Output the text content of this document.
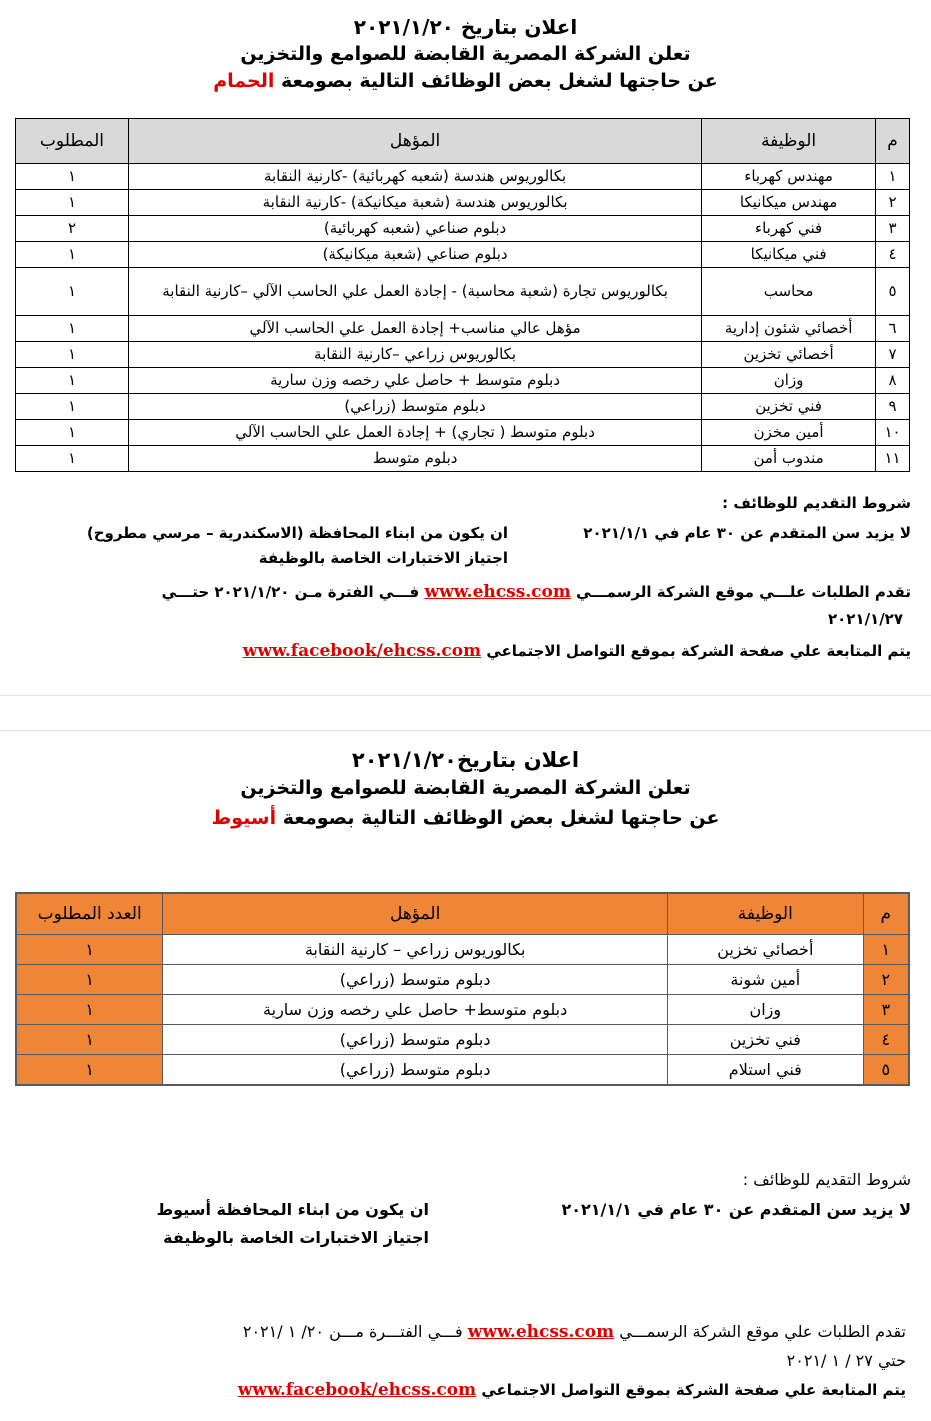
اعلان بتاريخ ٢٠٢١/١/٢٠
تعلن الشركة المصرية القابضة للصوامع والتخزين
عن حاجتها لشغل بعض الوظائف التالية بصومعة الحمام
م	الوظيفة	المؤهل	المطلوب
١	مهندس كهرباء	بكالوريوس هندسة (شعبه كهربائية) -كارنية النقابة	١
٢	مهندس ميكانيكا	بكالوريوس هندسة (شعبة ميكانيكة) -كارنية النقابة	١
٣	فني كهرباء	دبلوم صناعي (شعبه كهربائية)	٢
٤	فني ميكانيكا	دبلوم صناعي (شعبة ميكانيكة)	١
٥	محاسب	بكالوريوس تجارة (شعبة محاسبة) - إجادة العمل علي الحاسب الآلي –كارنية النقابة	١
٦	أخصائي شئون إدارية	مؤهل عالي مناسب+ إجادة العمل علي الحاسب الآلي	١
٧	أخصائي تخزين	بكالوريوس زراعي –كارنية النقابة	١
٨	وزان	دبلوم متوسط + حاصل علي رخصه وزن سارية	١
٩	فني تخزين	دبلوم متوسط (زراعي)	١
١٠	أمين مخزن	دبلوم متوسط ( تجاري) + إجادة العمل علي الحاسب الآلي	١
١١	مندوب أمن	دبلوم متوسط	١
شروط التقديم للوظائف :
لا يزيد سن المتقدم عن ٣٠ عام في ٢٠٢١/١/١
ان يكون من ابناء المحافظة (الاسكندرية – مرسي مطروح)
اجتياز الاختبارات الخاصة بالوظيفة
تقدم الطلبات علـــي موقع الشركة الرسمـــي www.ehcss.com فـــي الفترة مـن ٢٠٢١/١/٢٠ حتـــي
٢٠٢١/١/٢٧
يتم المتابعة علي صفحة الشركة بموقع التواصل الاجتماعي www.facebook/ehcss.com
اعلان بتاريخ٢٠٢١/١/٢٠
تعلن الشركة المصرية القابضة للصوامع والتخزين
عن حاجتها لشغل بعض الوظائف التالية بصومعة أسيوط
م	الوظيفة	المؤهل	العدد المطلوب
١	أخصائي تخزين	بكالوريوس زراعي – كارنية النقابة	١
٢	أمين شونة	دبلوم متوسط (زراعي)	١
٣	وزان	دبلوم متوسط+ حاصل علي رخصه وزن سارية	١
٤	فني تخزين	دبلوم متوسط (زراعي)	١
٥	فني استلام	دبلوم متوسط (زراعي)	١
شروط التقديم للوظائف :
لا يزيد سن المتقدم عن ٣٠ عام في ٢٠٢١/١/١
ان يكون من ابناء المحافظة أسيوط
اجتياز الاختبارات الخاصة بالوظيفة
تقدم الطلبات علي موقع الشركة الرسمـــي www.ehcss.com فـــي الفتـــرة مـــن ٢٠/ ١ /٢٠٢١
حتي ٢٧ / ١ /٢٠٢١
يتم المتابعة علي صفحة الشركة بموقع التواصل الاجتماعي www.facebook/ehcss.com
